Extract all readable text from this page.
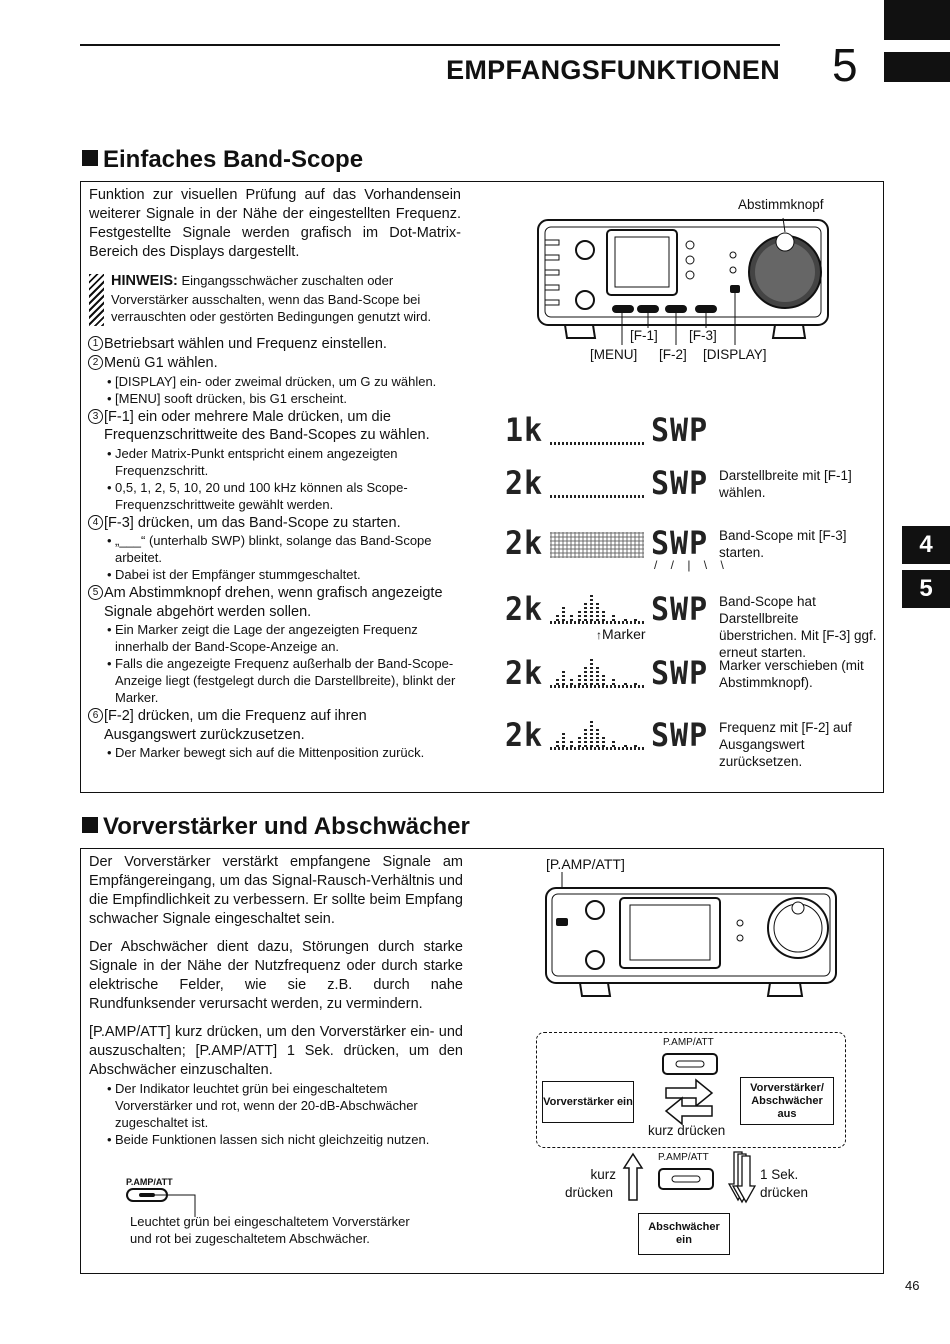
EMPFANGSFUNKTIONEN 5
4
5
Einfaches Band-Scope
Funktion zur visuellen Prüfung auf das Vorhandensein weiterer Signale in der Nähe der eingestellten Frequenz. Festgestellte Signale werden grafisch im Dot-Matrix-Bereich des Displays dargestellt.
HINWEIS: Eingangsschwächer zuschalten oder Vorverstärker ausschalten, wenn das Band-Scope bei verrauschten oder gestörten Bedingungen genutzt wird.
1 Betriebsart wählen und Frequenz einstellen.
2 Menü G1 wählen.
• [DISPLAY] ein- oder zweimal drücken, um G zu wählen.
• [MENU] sooft drücken, bis G1 erscheint.
3 [F-1] ein oder mehrere Male drücken, um die Frequenzschrittweite des Band-Scopes zu wählen.
• Jeder Matrix-Punkt entspricht einem angezeigten Frequenzschritt.
• 0,5, 1, 2, 5, 10, 20 und 100 kHz können als Scope-Frequenzschrittweite gewählt werden.
4 [F-3] drücken, um das Band-Scope zu starten.
• „___“ (unterhalb SWP) blinkt, solange das Band-Scope arbeitet.
• Dabei ist der Empfänger stummgeschaltet.
5 Am Abstimmknopf drehen, wenn grafisch angezeigte Signale abgehört werden sollen.
• Ein Marker zeigt die Lage der angezeigten Frequenz innerhalb der Band-Scope-Anzeige an.
• Falls die angezeigte Frequenz außerhalb der Band-Scope-Anzeige liegt (festgelegt durch die Darstellbreite), blinkt der Marker.
6 [F-2] drücken, um die Frequenz auf ihren Ausgangswert zurückzusetzen.
• Der Marker bewegt sich auf die Mittenposition zurück.
Abstimmknopf
[F-1] [F-3]
[MENU] [F-2] [DISPLAY]
1k	SWP
2k	SWP Darstellbreite mit [F-1] wählen.
2k	SWP Band-Scope mit [F-3] starten.
2k	SWP Band-Scope hat Darstellbreite überstrichen. Mit [F-3] ggf. erneut starten.
2k	SWP Marker verschieben (mit Abstimmknopf).
2k	SWP Frequenz mit [F-2] auf Ausgangswert zurücksetzen.
/ / | \ \
↑Marker
Vorverstärker und Abschwächer
Der Vorverstärker verstärkt empfangene Signale am Empfängereingang, um das Signal-Rausch-Verhältnis und die Empfindlichkeit zu verbessern. Er sollte beim Empfang schwacher Signale eingeschaltet sein.
Der Abschwächer dient dazu, Störungen durch starke Signale in der Nähe der Nutzfrequenz oder durch starke elektrische Felder, wie sie z.B. durch nahe Rundfunksender verursacht werden, zu vermindern.
[P.AMP/ATT] kurz drücken, um den Vorverstärker ein- und auszuschalten; [P.AMP/ATT] 1 Sek. drücken, um den Abschwächer einzuschalten.
• Der Indikator leuchtet grün bei eingeschaltetem Vorverstärker und rot, wenn der 20-dB-Abschwächer zugeschaltet ist.
• Beide Funktionen lassen sich nicht gleichzeitig nutzen.
P.AMP/ATT
Leuchtet grün bei eingeschaltetem Vorverstärker und rot bei zugeschaltetem Abschwächer.
[P.AMP/ATT]
P.AMP/ATT
Vorverstärker ein
Vorverstärker/ Abschwächer aus
kurz drücken
kurz
drücken
P.AMP/ATT
1 Sek.
drücken
Abschwächer ein
46
